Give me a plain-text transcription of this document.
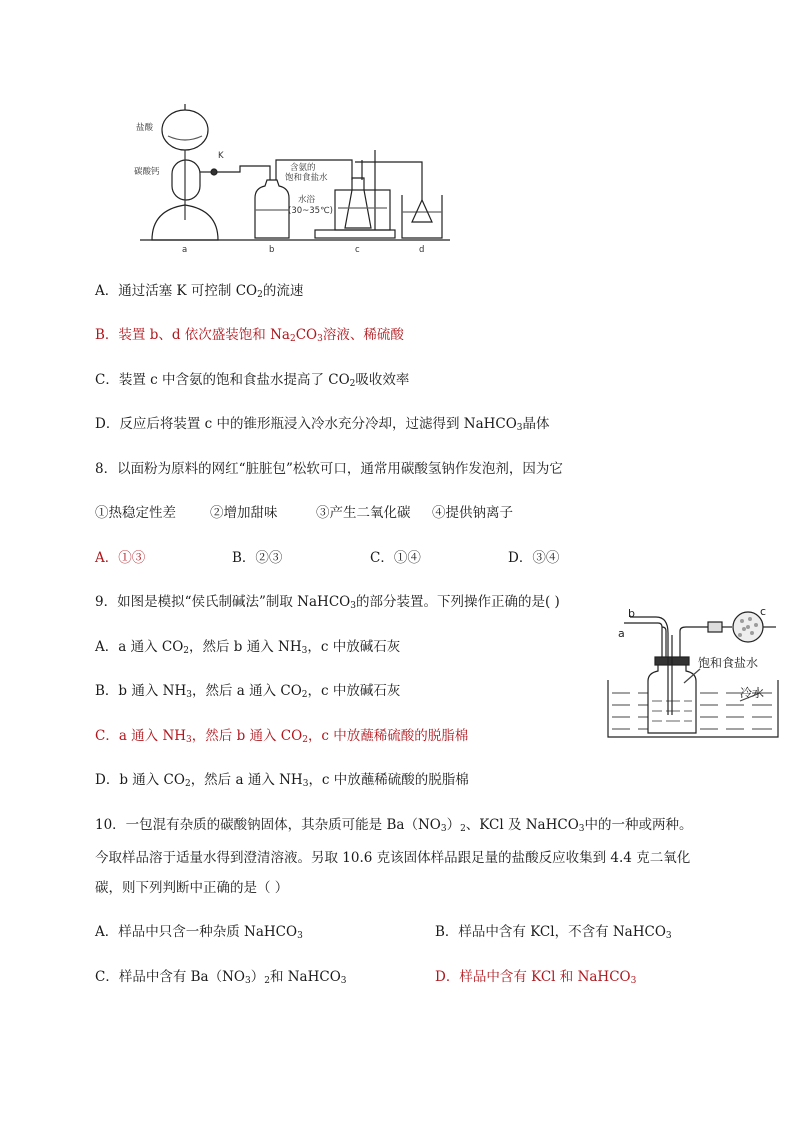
盐酸
碳酸钙
K
含氨的
饱和食盐水
水浴
(30~35℃)
a	b	c	d
A．通过活塞 K 可控制 $CO_2$的流速
B．装置 b、d 依次盛装饱和 $Na_2CO_3$溶液、稀硫酸
C．装置 c 中含氨的饱和食盐水提高了 $CO_2$吸收效率
D．反应后将装置 c 中的锥形瓶浸入冷水充分冷却，过滤得到 NaHCO$_3$晶体
8．以面粉为原料的网红“脏脏包”松软可口，通常用碳酸氢钠作发泡剂，因为它
①热稳定性差	②增加甜味	③产生二氧化碳 ④提供钠离子
A．①③	B．②③	C．①④	D．③④
9．如图是模拟“侯氏制碱法”制取 NaHCO$_3$的部分装置。下列操作正确的是( )
A．a 通入 $CO_2$，然后 b 通入 $NH_3$，c 中放碱石灰
B．b 通入 $NH_3$，然后 a 通入 $CO_2$，c 中放碱石灰
C．a 通入 $NH_3$，然后 b 通入 $CO_2$，c 中放蘸稀硫酸的脱脂棉
D．b 通入 $CO_2$，然后 a 通入 $NH_3$，c 中放蘸稀硫酸的脱脂棉
a
b	c
饱和食盐水
冷水
10．一包混有杂质的碳酸钠固体，其杂质可能是 $Ba(NO_3)_2$、KCl 及 NaHCO$_3$中的一种或两种。
今取样品溶于适量水得到澄清溶液。另取 10.6 克该固体样品跟足量的盐酸反应收集到 4.4 克二氧化
碳，则下列判断中正确的是（ ）
A．样品中只含一种杂质 NaHCO$_3$	B．样品中含有 KCl，不含有 NaHCO$_3$
C．样品中含有 $Ba(NO_3)_2$和 NaHCO$_3$	D．样品中含有 KCl 和 NaHCO$_3$
